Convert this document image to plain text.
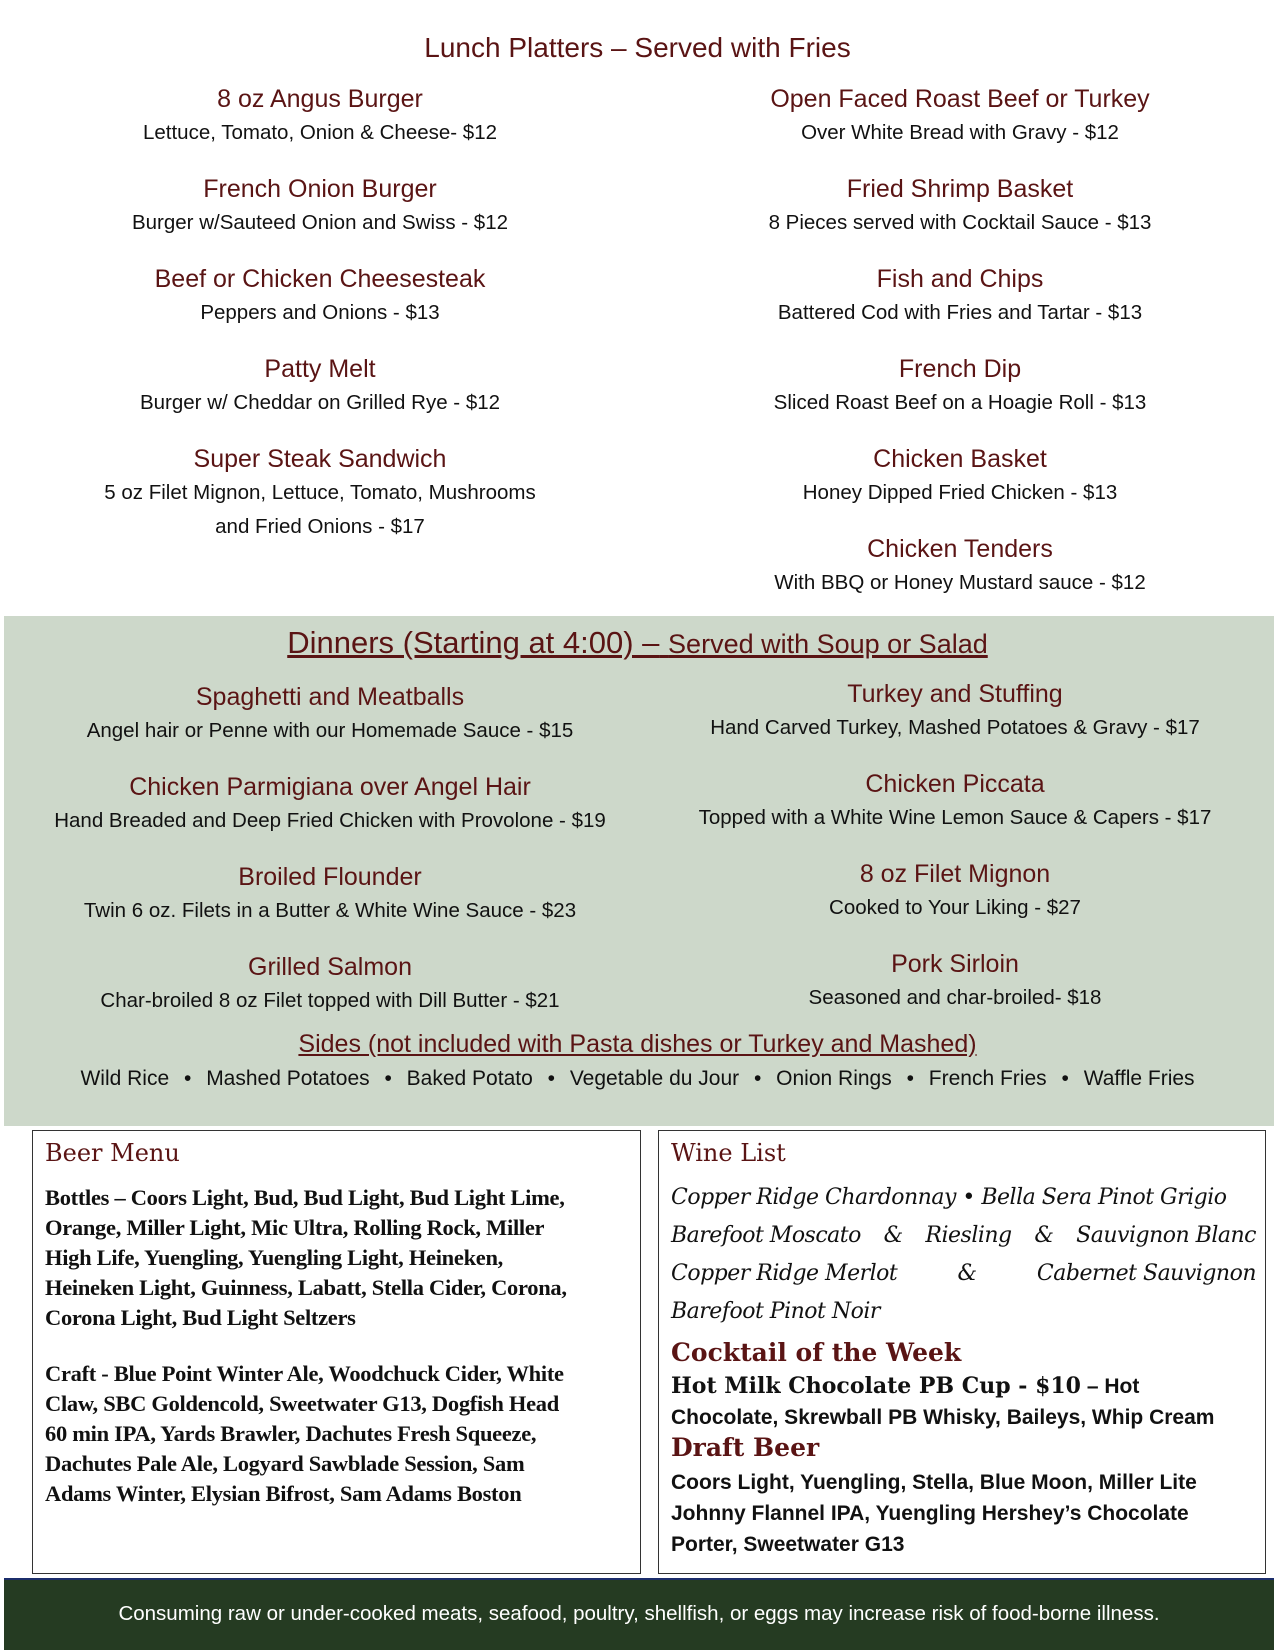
Lunch Platters – Served with Fries
8 oz Angus Burger
Lettuce, Tomato, Onion & Cheese- $12
French Onion Burger
Burger w/Sauteed Onion and Swiss - $12
Beef or Chicken Cheesesteak
Peppers and Onions - $13
Patty Melt
Burger w/ Cheddar on Grilled Rye - $12
Super Steak Sandwich
5 oz Filet Mignon, Lettuce, Tomato, Mushrooms
and Fried Onions - $17
Open Faced Roast Beef or Turkey
Over White Bread with Gravy - $12
Fried Shrimp Basket
8 Pieces served with Cocktail Sauce - $13
Fish and Chips
Battered Cod with Fries and Tartar - $13
French Dip
Sliced Roast Beef on a Hoagie Roll - $13
Chicken Basket
Honey Dipped Fried Chicken - $13
Chicken Tenders
With BBQ or Honey Mustard sauce - $12
Dinners (Starting at 4:00) – Served with Soup or Salad
Spaghetti and Meatballs
Angel hair or Penne with our Homemade Sauce - $15
Chicken Parmigiana over Angel Hair
Hand Breaded and Deep Fried Chicken with Provolone - $19
Broiled Flounder
Twin 6 oz. Filets in a Butter & White Wine Sauce - $23
Grilled Salmon
Char-broiled 8 oz Filet topped with Dill Butter - $21
Turkey and Stuffing
Hand Carved Turkey, Mashed Potatoes & Gravy - $17
Chicken Piccata
Topped with a White Wine Lemon Sauce & Capers - $17
8 oz Filet Mignon
Cooked to Your Liking - $27
Pork Sirloin
Seasoned and char-broiled- $18
Sides (not included with Pasta dishes or Turkey and Mashed)
Wild Rice • Mashed Potatoes • Baked Potato • Vegetable du Jour • Onion Rings • French Fries • Waffle Fries
Beer Menu
Bottles – Coors Light, Bud, Bud Light, Bud Light Lime,
Orange, Miller Light, Mic Ultra, Rolling Rock, Miller
High Life, Yuengling, Yuengling Light, Heineken,
Heineken Light, Guinness, Labatt, Stella Cider, Corona,
Corona Light, Bud Light Seltzers
Craft - Blue Point Winter Ale, Woodchuck Cider, White
Claw, SBC Goldencold, Sweetwater G13, Dogfish Head
60 min IPA, Yards Brawler, Dachutes Fresh Squeeze,
Dachutes Pale Ale, Logyard Sawblade Session, Sam
Adams Winter, Elysian Bifrost, Sam Adams Boston
Wine List
Copper Ridge Chardonnay • Bella Sera Pinot Grigio
Barefoot Moscato & Riesling & Sauvignon Blanc
Copper Ridge Merlot	&	Cabernet Sauvignon
Barefoot Pinot Noir
Cocktail of the Week
Hot Milk Chocolate PB Cup - $10 – Hot
Chocolate, Skrewball PB Whisky, Baileys, Whip Cream
Draft Beer
Coors Light, Yuengling, Stella, Blue Moon, Miller Lite
Johnny Flannel IPA, Yuengling Hershey’s Chocolate
Porter, Sweetwater G13
Consuming raw or under-cooked meats, seafood, poultry, shellfish, or eggs may increase risk of food-borne illness.
